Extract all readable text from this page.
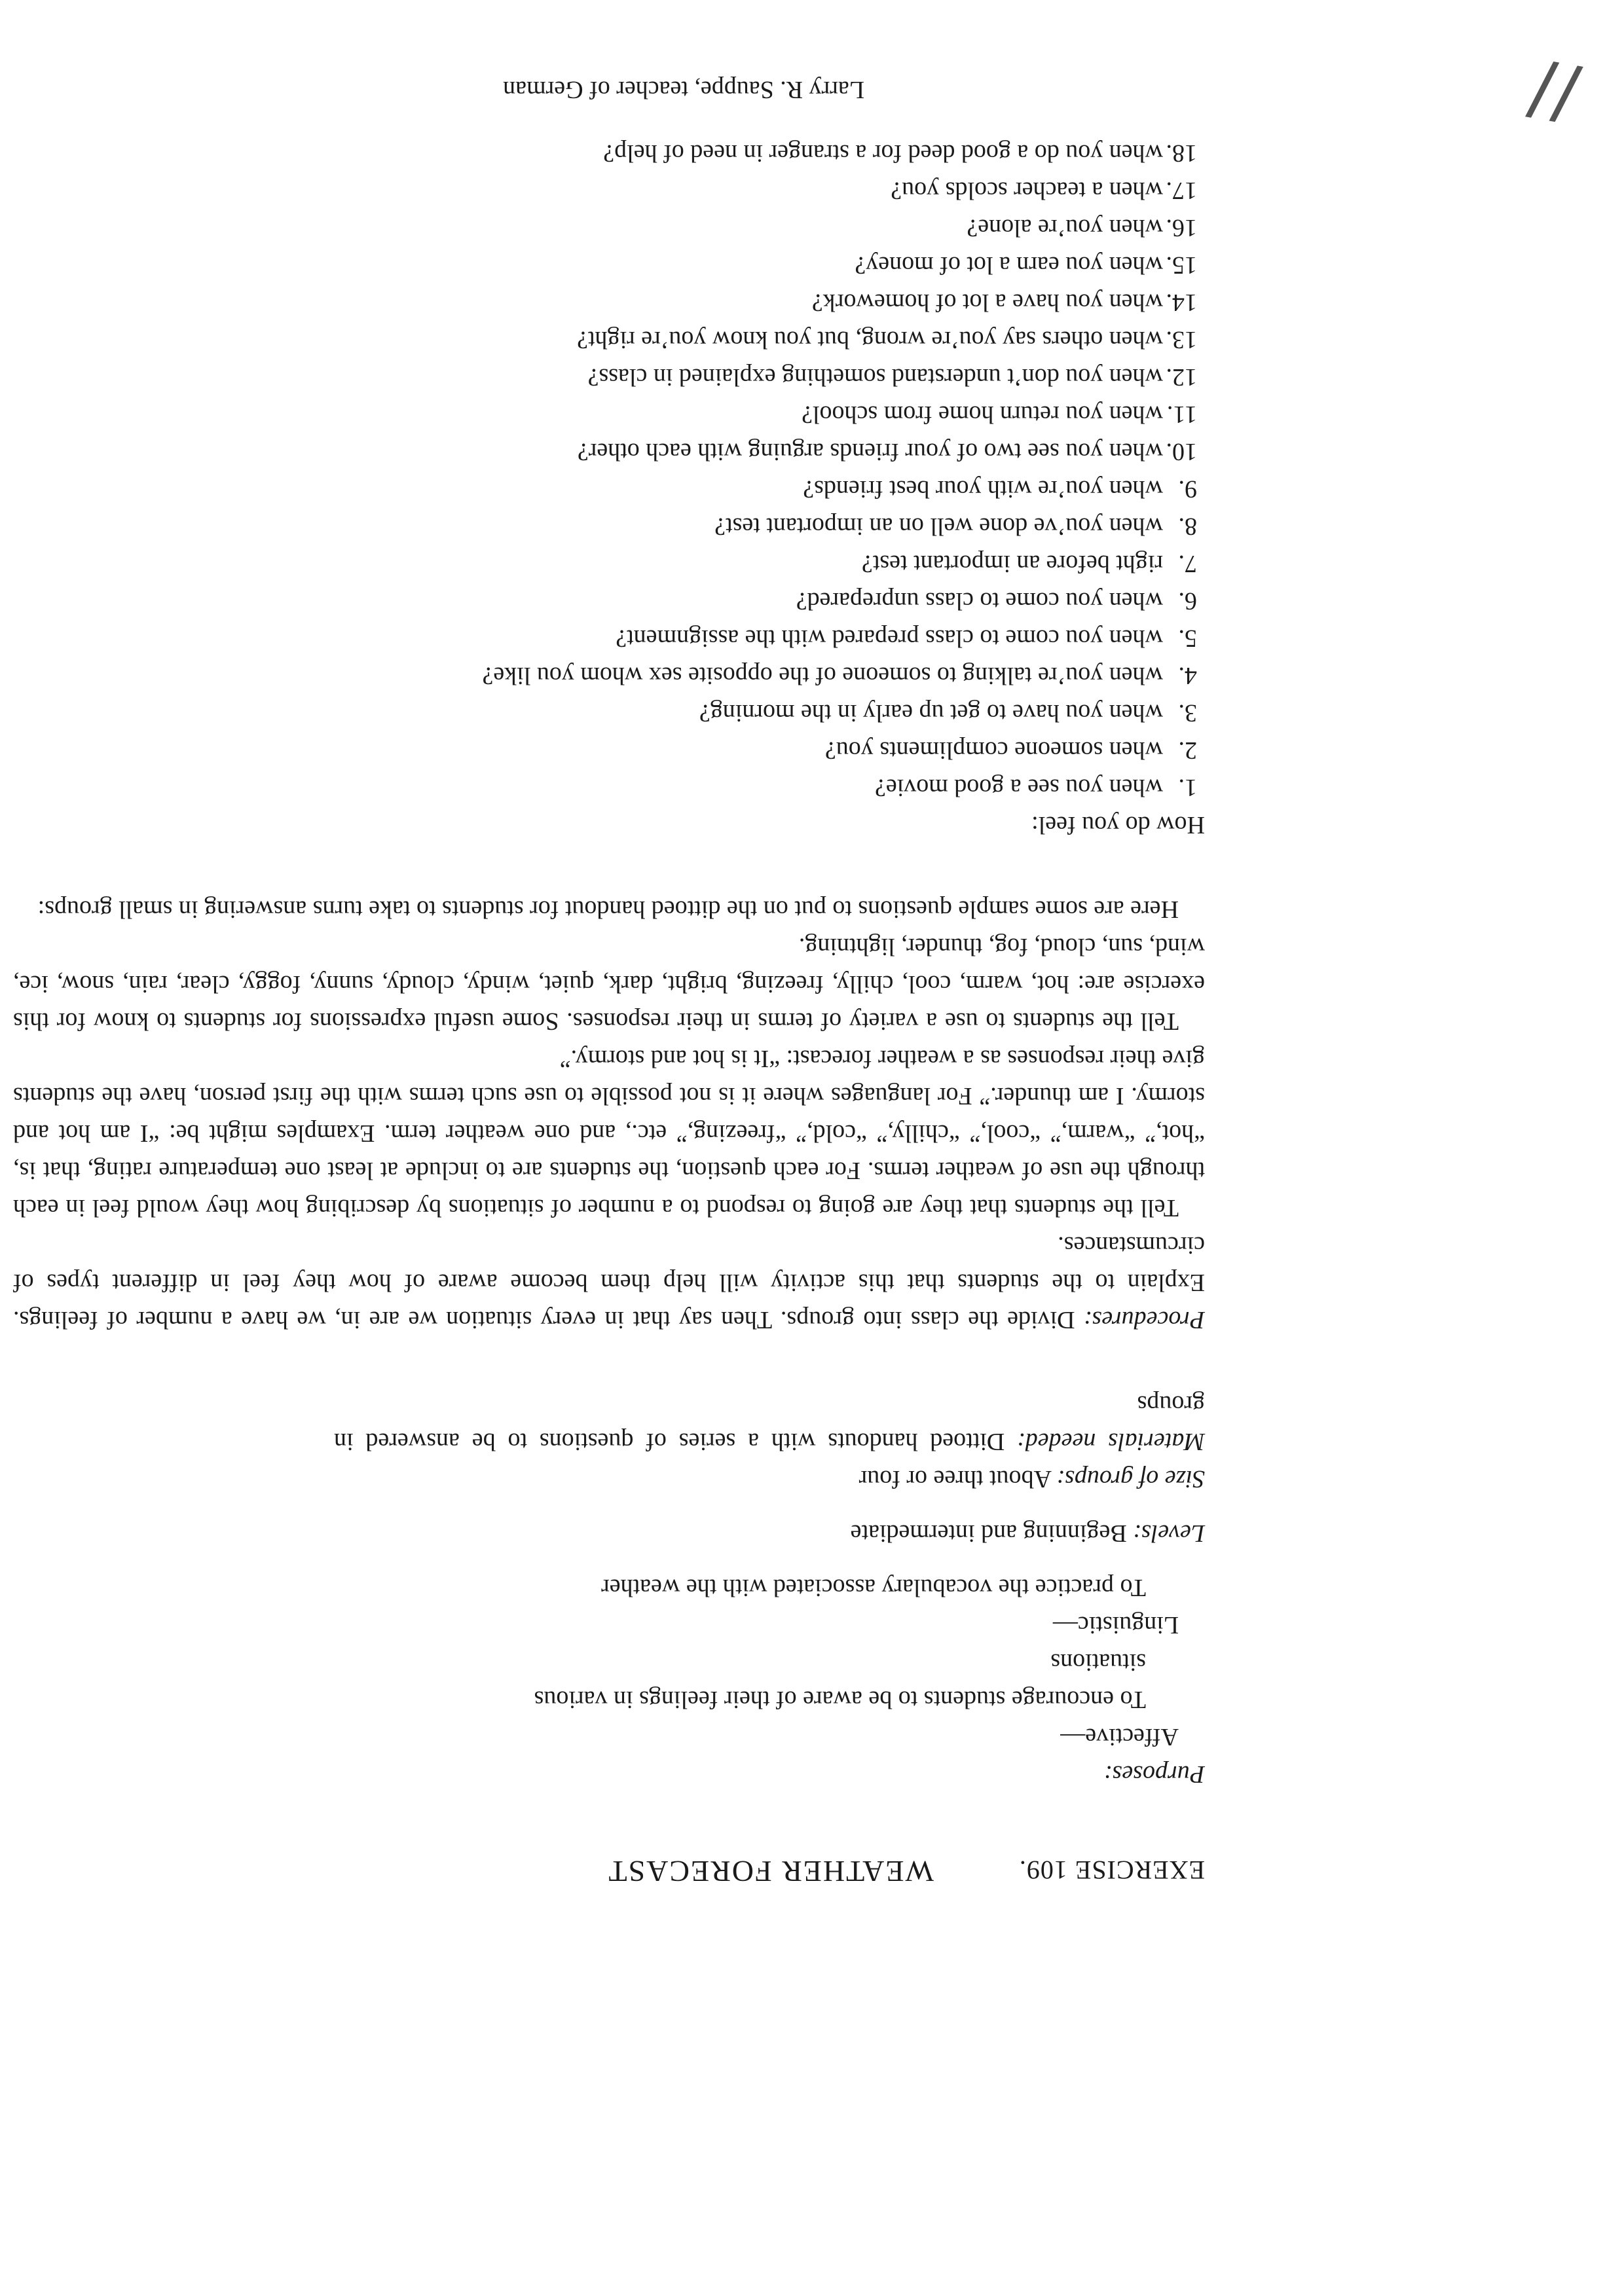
EXERCISE 109.
WEATHER FORECAST
Purposes:
Affective—
To encourage students to be aware of their feelings in various
situations
Linguistic—
To practice the vocabulary associated with the weather
Levels: Beginning and intermediate
Size of groups: About three or four
Materials needed: Dittoed handouts with a series of questions to be answered in groups

Procedures: Divide the class into groups. Then say that in every situation we are in, we have a number of feelings. Explain to the students that this activity will help them become aware of how they feel in different types of circumstances.

Tell the students that they are going to respond to a number of situations by describing how they would feel in each through the use of weather terms. For each question, the students are to include at least one temperature rating, that is, “hot,” “warm,” “cool,” “chilly,” “cold,” “freezing,” etc., and one weather term. Examples might be: “I am hot and stormy. I am thunder.” For languages where it is not possible to use such terms with the first person, have the students give their responses as a weather forecast: “It is hot and stormy.”

Tell the students to use a variety of terms in their responses. Some useful expressions for students to know for this exercise are: hot, warm, cool, chilly, freezing, bright, dark, quiet, windy, cloudy, sunny, foggy, clear, rain, snow, ice, wind, sun, cloud, fog, thunder, lightning.

Here are some sample questions to put on the dittoed handout for students to take turns answering in small groups:

How do you feel:
1.when you see a good movie?
2.when someone compliments you?
3.when you have to get up early in the morning?
4.when you’re talking to someone of the opposite sex whom you like?
5.when you come to class prepared with the assignment?
6.when you come to class unprepared?
7.right before an important test?
8.when you’ve done well on an important test?
9.when you’re with your best friends?
10.when you see two of your friends arguing with each other?
11.when you return home from school?
12.when you don’t understand something explained in class?
13.when others say you’re wrong, but you know you’re right?
14.when you have a lot of homework?
15.when you earn a lot of money?
16.when you’re alone?
17.when a teacher scolds you?
18.when you do a good deed for a stranger in need of help?
Larry R. Sauppe, teacher of German	//
